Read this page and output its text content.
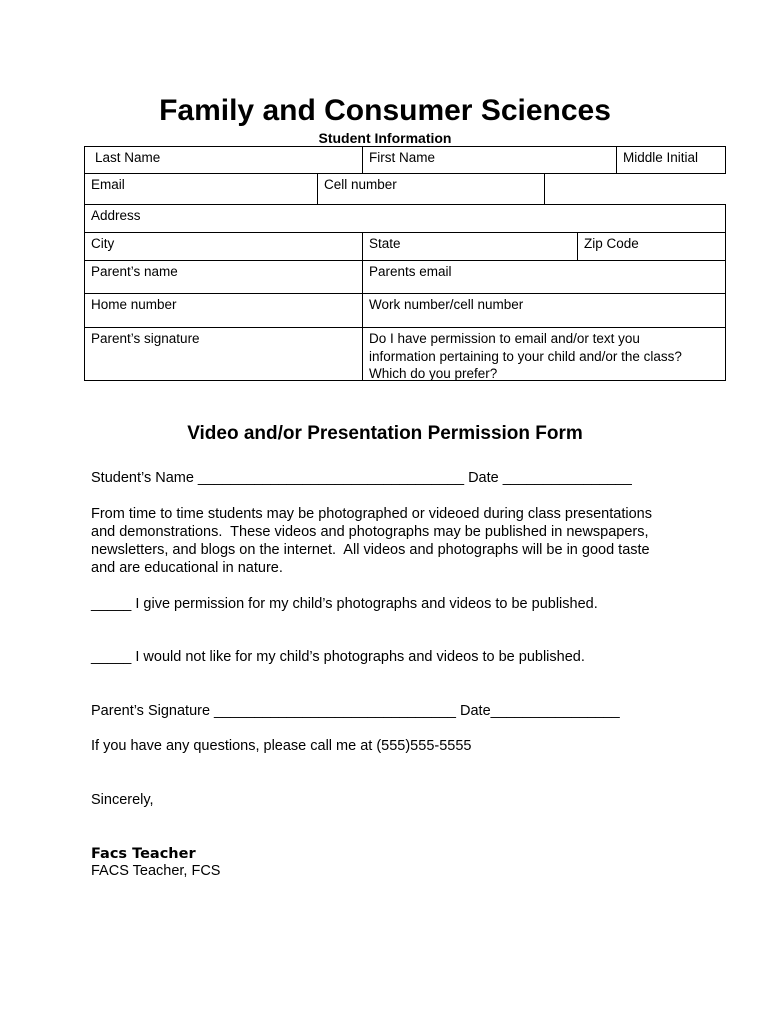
Family and Consumer Sciences
Student Information
Last Name	First Name	Middle Initial
Email	Cell number
Address
City	State	Zip Code
Parent’s name	Parents email
Home number	Work number/cell number
Parent’s signature	Do I have permission to email and/or text you
information pertaining to your child and/or the class?
Which do you prefer?
Video and/or Presentation Permission Form
Student’s Name _________________________________ Date ________________
From time to time students may be photographed or videoed during class presentations
and demonstrations.  These videos and photographs may be published in newspapers,
newsletters, and blogs on the internet.  All videos and photographs will be in good taste
and are educational in nature.
_____ I give permission for my child’s photographs and videos to be published.
_____ I would not like for my child’s photographs and videos to be published.
Parent’s Signature ______________________________ Date________________
If you have any questions, please call me at (555)555-5555
Sincerely,
Facs Teacher
FACS Teacher, FCS
